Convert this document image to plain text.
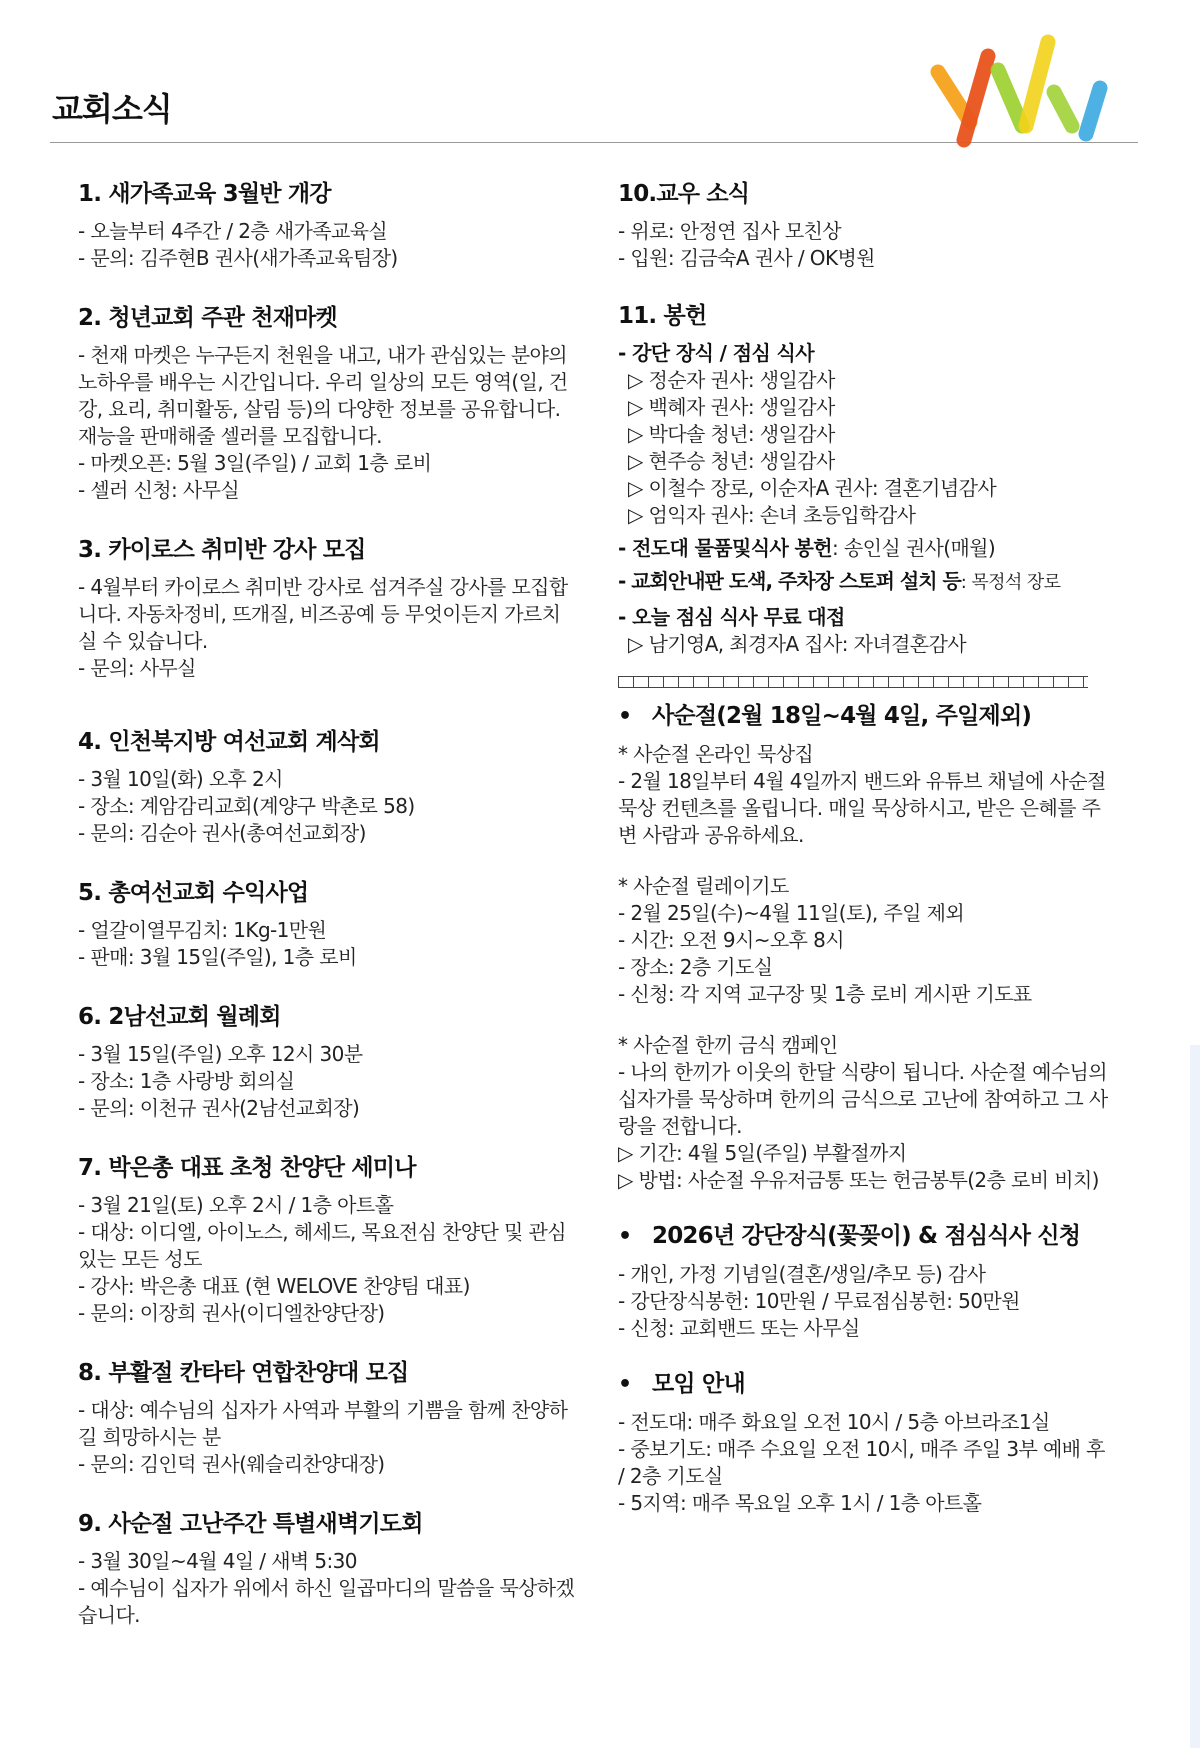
교회소식
1. 새가족교육 3월반 개강
- 오늘부터 4주간 / 2층 새가족교육실
- 문의: 김주현B 권사(새가족교육팀장)
2. 청년교회 주관 천재마켓
- 천재 마켓은 누구든지 천원을 내고, 내가 관심있는 분야의 노하우를 배우는 시간입니다. 우리 일상의 모든 영역(일, 건강, 요리, 취미활동, 살림 등)의 다양한 정보를 공유합니다. 재능을 판매해줄 셀러를 모집합니다.
- 마켓오픈: 5월 3일(주일) / 교회 1층 로비
- 셀러 신청: 사무실
3. 카이로스 취미반 강사 모집
- 4월부터 카이로스 취미반 강사로 섬겨주실 강사를 모집합니다. 자동차정비, 뜨개질, 비즈공예 등 무엇이든지 가르치실 수 있습니다.
- 문의: 사무실
4. 인천북지방 여선교회 계삭회
- 3월 10일(화) 오후 2시
- 장소: 계암감리교회(계양구 박촌로 58)
- 문의: 김순아 권사(총여선교회장)
5. 총여선교회 수익사업
- 얼갈이열무김치: 1Kg-1만원
- 판매: 3월 15일(주일), 1층 로비
6. 2남선교회 월례회
- 3월 15일(주일) 오후 12시 30분
- 장소: 1층 사랑방 회의실
- 문의: 이천규 권사(2남선교회장)
7. 박은총 대표 초청 찬양단 세미나
- 3월 21일(토) 오후 2시 / 1층 아트홀
- 대상: 이디엘, 아이노스, 헤세드, 목요전심 찬양단 및 관심있는 모든 성도
- 강사: 박은총 대표 (현 WELOVE 찬양팀 대표)
- 문의: 이장희 권사(이디엘찬양단장)
8. 부활절 칸타타 연합찬양대 모집
- 대상: 예수님의 십자가 사역과 부활의 기쁨을 함께 찬양하길 희망하시는 분
- 문의: 김인덕 권사(웨슬리찬양대장)
9. 사순절 고난주간 특별새벽기도회
- 3월 30일~4월 4일 / 새벽 5:30
- 예수님이 십자가 위에서 하신 일곱마디의 말씀을 묵상하겠습니다.
10.교우 소식
- 위로: 안정연 집사 모친상
- 입원: 김금숙A 권사 / OK병원
11. 봉헌
- 강단 장식 / 점심 식사
▷ 정순자 권사: 생일감사
▷ 백혜자 권사: 생일감사
▷ 박다솔 청년: 생일감사
▷ 현주승 청년: 생일감사
▷ 이철수 장로, 이순자A 권사: 결혼기념감사
▷ 엄익자 권사: 손녀 초등입학감사
- 전도대 물품및식사 봉헌: 송인실 권사(매월)
- 교회안내판 도색, 주차장 스토퍼 설치 등: 목정석 장로
- 오늘 점심 식사 무료 대접
▷ 남기영A, 최경자A 집사: 자녀결혼감사
• 사순절(2월 18일~4월 4일, 주일제외)
* 사순절 온라인 묵상집
- 2월 18일부터 4월 4일까지 밴드와 유튜브 채널에 사순절 묵상 컨텐츠를 올립니다. 매일 묵상하시고, 받은 은혜를 주변 사람과 공유하세요.
* 사순절 릴레이기도
- 2월 25일(수)~4월 11일(토), 주일 제외
- 시간: 오전 9시~오후 8시
- 장소: 2층 기도실
- 신청: 각 지역 교구장 및 1층 로비 게시판 기도표
* 사순절 한끼 금식 캠페인
- 나의 한끼가 이웃의 한달 식량이 됩니다. 사순절 예수님의 십자가를 묵상하며 한끼의 금식으로 고난에 참여하고 그 사랑을 전합니다.
▷ 기간: 4월 5일(주일) 부활절까지
▷ 방법: 사순절 우유저금통 또는 헌금봉투(2층 로비 비치)
• 2026년 강단장식(꽃꽂이) & 점심식사 신청
- 개인, 가정 기념일(결혼/생일/추모 등) 감사
- 강단장식봉헌: 10만원 / 무료점심봉헌: 50만원
- 신청: 교회밴드 또는 사무실
• 모임 안내
- 전도대: 매주 화요일 오전 10시 / 5층 아브라조1실
- 중보기도: 매주 수요일 오전 10시, 매주 주일 3부 예배 후 / 2층 기도실
- 5지역: 매주 목요일 오후 1시 / 1층 아트홀
